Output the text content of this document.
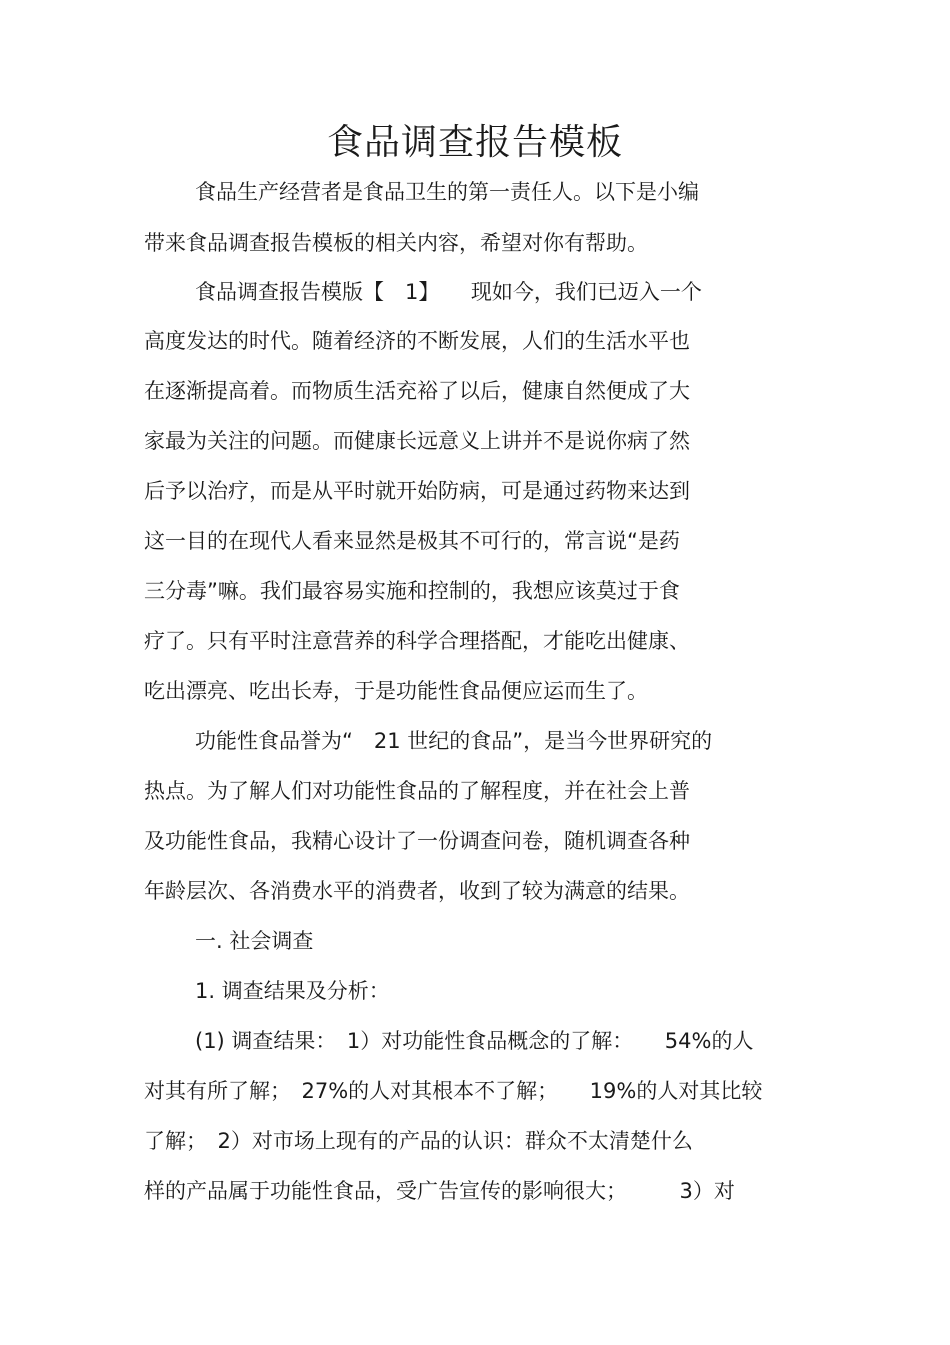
食品调查报告模板
食品生产经营者是食品卫生的第一责任人。以下是小编
带来食品调查报告模板的相关内容，希望对你有帮助。
食品调查报告模版【　1】　　现如今，我们已迈入一个
高度发达的时代。随着经济的不断发展，人们的生活水平也
在逐渐提高着。而物质生活充裕了以后，健康自然便成了大
家最为关注的问题。而健康长远意义上讲并不是说你病了然
后予以治疗，而是从平时就开始防病，可是通过药物来达到
这一目的在现代人看来显然是极其不可行的，常言说“是药
三分毒”嘛。我们最容易实施和控制的，我想应该莫过于食
疗了。只有平时注意营养的科学合理搭配，才能吃出健康、
吃出漂亮、吃出长寿，于是功能性食品便应运而生了。
功能性食品誉为“　21 世纪的食品”，是当今世界研究的
热点。为了解人们对功能性食品的了解程度，并在社会上普
及功能性食品，我精心设计了一份调查问卷，随机调查各种
年龄层次、各消费水平的消费者，收到了较为满意的结果。
一. 社会调查
1. 调查结果及分析：
(1) 调查结果：　1）对功能性食品概念的了解：　　54%的人
对其有所了解；　27%的人对其根本不了解；　　19%的人对其比较
了解；　2）对市场上现有的产品的认识：群众不太清楚什么
样的产品属于功能性食品，受广告宣传的影响很大；　　　3）对
